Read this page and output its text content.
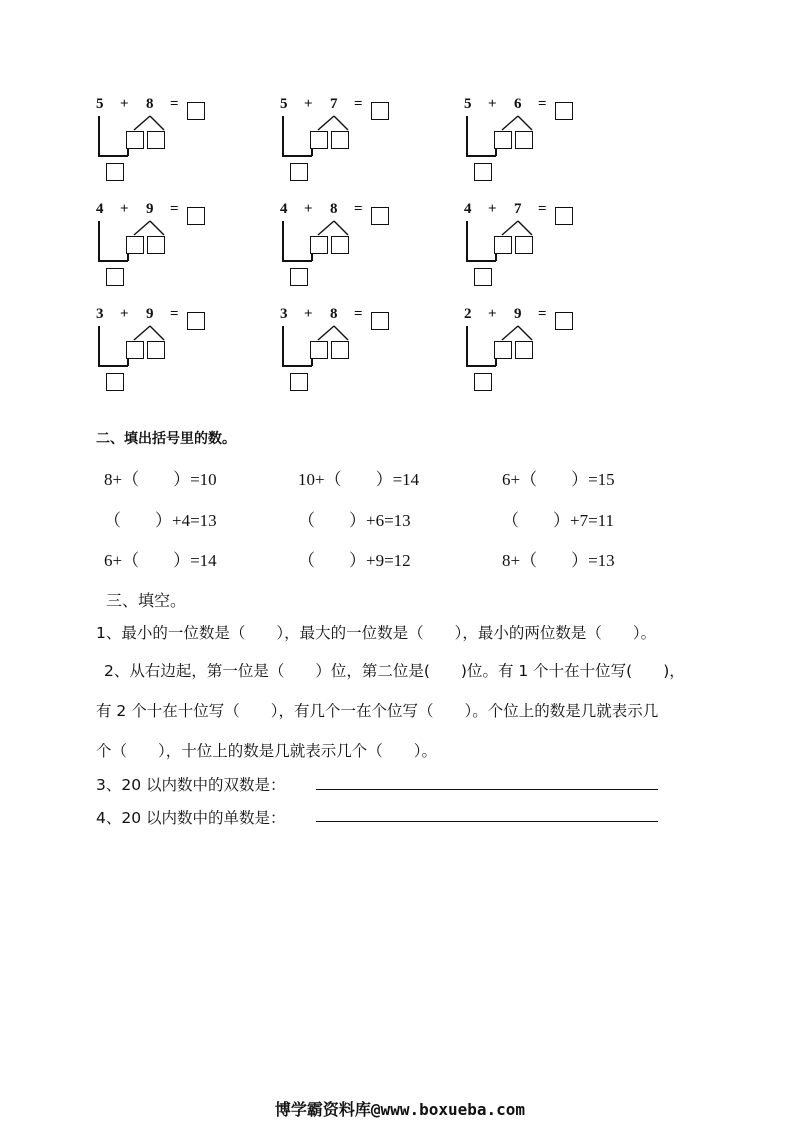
5 + 8 =	5 + 7 =	5 + 6 =
4 + 9 =	4 + 8 =	4 + 7 =
3 + 9 =	3 + 8 =	2 + 9 =
二、填出括号里的数。
8+（　　）=10	10+（　　）=14	6+（　　）=15
（　　）+4=13	（　　）+6=13	（　　）+7=11
6+（　　）=14	（　　）+9=12	8+（　　）=13
三、填空。
1、最小的一位数是（　　），最大的一位数是（　　），最小的两位数是（　　）。
2、从右边起，第一位是（　　）位，第二位是(　　)位。有 1 个十在十位写(　　)，
有 2 个十在十位写（　　），有几个一在个位写（　　）。个位上的数是几就表示几
个（　　），十位上的数是几就表示几个（　　）。
3、20 以内数中的双数是：
4、20 以内数中的单数是：
博学霸资料库@www.boxueba.com
